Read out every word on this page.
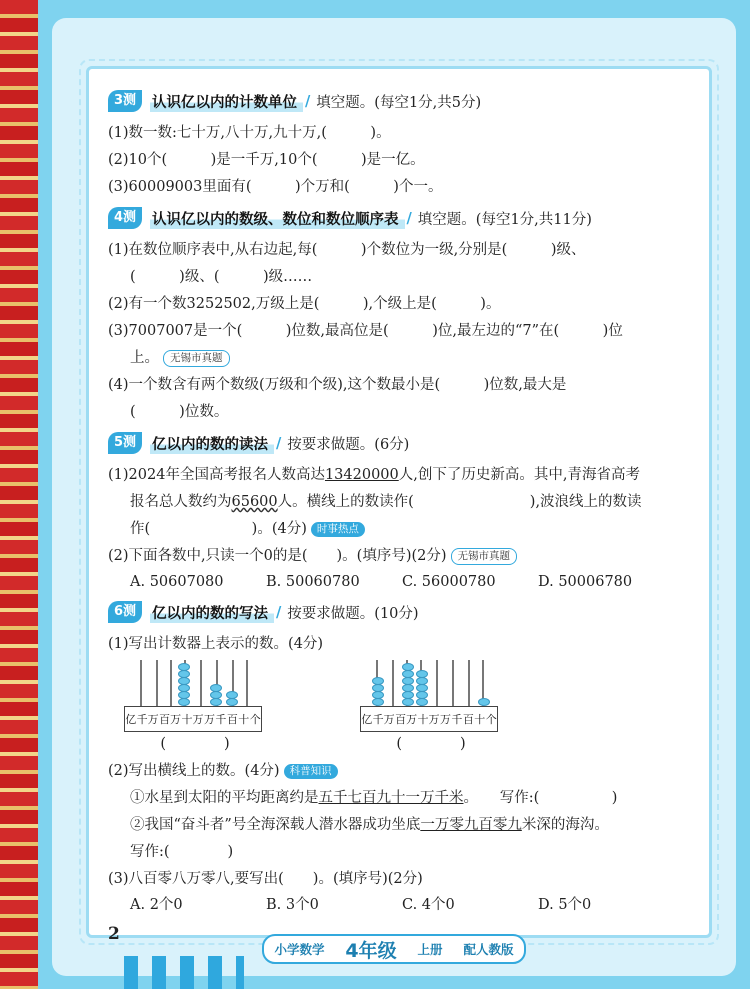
3测	认识亿以内的计数单位 / 填空题。(每空1分,共5分)
(1)数一数:七十万,八十万,九十万,(　　　)。
(2)10个(　　　)是一千万,10个(　　　)是一亿。
(3)60009003里面有(　　　)个万和(　　　)个一。
4测	认识亿以内的数级、数位和数位顺序表 / 填空题。(每空1分,共11分)
(1)在数位顺序表中,从右边起,每(　　　)个数位为一级,分别是(　　　)级、
(　　　)级、(　　　)级……
(2)有一个数3252502,万级上是(　　　),个级上是(　　　)。
(3)7007007是一个(　　　)位数,最高位是(　　　)位,最左边的“7”在(　　　)位
上。 无锡市真题
(4)一个数含有两个数级(万级和个级),这个数最小是(　　　)位数,最大是
(　　　)位数。
5测	亿以内的数的读法 / 按要求做题。(6分)
(1)2024年全国高考报名人数高达13420000人,创下了历史新高。其中,青海省高考
报名总人数约为65600人。横线上的数读作(　　　　　　　　),波浪线上的数读
作(　　　　　　　)。(4分) 时事热点
(2)下面各数中,只读一个0的是(　　)。(填序号)(2分) 无锡市真题
A. 50607080	B. 50060780	C. 56000780	D. 50006780
6测	亿以内的数的写法 / 按要求做题。(10分)
(1)写出计数器上表示的数。(4分)
亿 千万 百万 十万 万 千 百 十 个
(　　　　)
亿 千万 百万 十万 万 千 百 十 个
(　　　　)
(2)写出横线上的数。(4分) 科普知识
①水星到太阳的平均距离约是五千七百九十一万千米。　　写作:(　　　　　)
②我国“奋斗者”号全海深载人潜水器成功坐底一万零九百零九米深的海沟。
写作:(　　　　)
(3)八百零八万零八,要写出(　　)。(填序号)(2分)
A. 2个0	B. 3个0	C. 4个0	D. 5个0
2
小学数学 4年级 上册 配人教版
